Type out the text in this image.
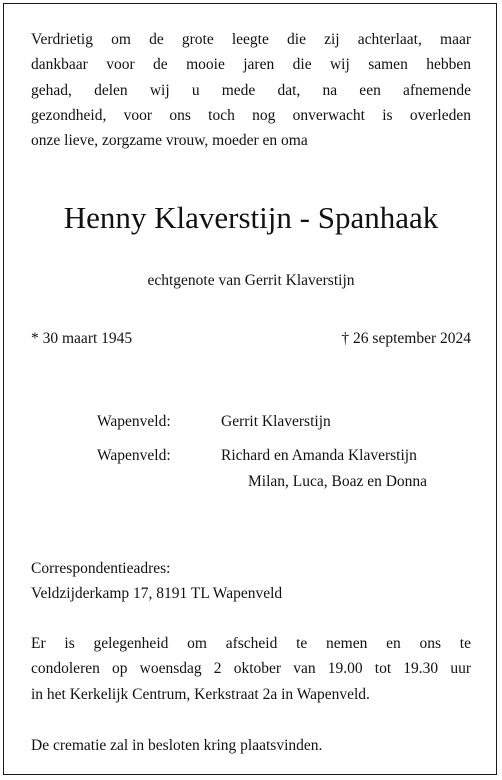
Verdrietig om de grote leegte die zij achterlaat, maar
dankbaar voor de mooie jaren die wij samen hebben
gehad, delen wij u mede dat, na een afnemende
gezondheid, voor ons toch nog onverwacht is overleden
onze lieve, zorgzame vrouw, moeder en oma
Henny Klaverstijn - Spanhaak
echtgenote van Gerrit Klaverstijn
* 30 maart 1945	† 26 september 2024
Wapenveld:	Gerrit Klaverstijn
Wapenveld:	Richard en Amanda Klaverstijn
Milan, Luca, Boaz en Donna
Correspondentieadres:
Veldzijderkamp 17, 8191 TL Wapenveld
Er is gelegenheid om afscheid te nemen en ons te
condoleren op woensdag 2 oktober van 19.00 tot 19.30 uur
in het Kerkelijk Centrum, Kerkstraat 2a in Wapenveld.
De crematie zal in besloten kring plaatsvinden.
